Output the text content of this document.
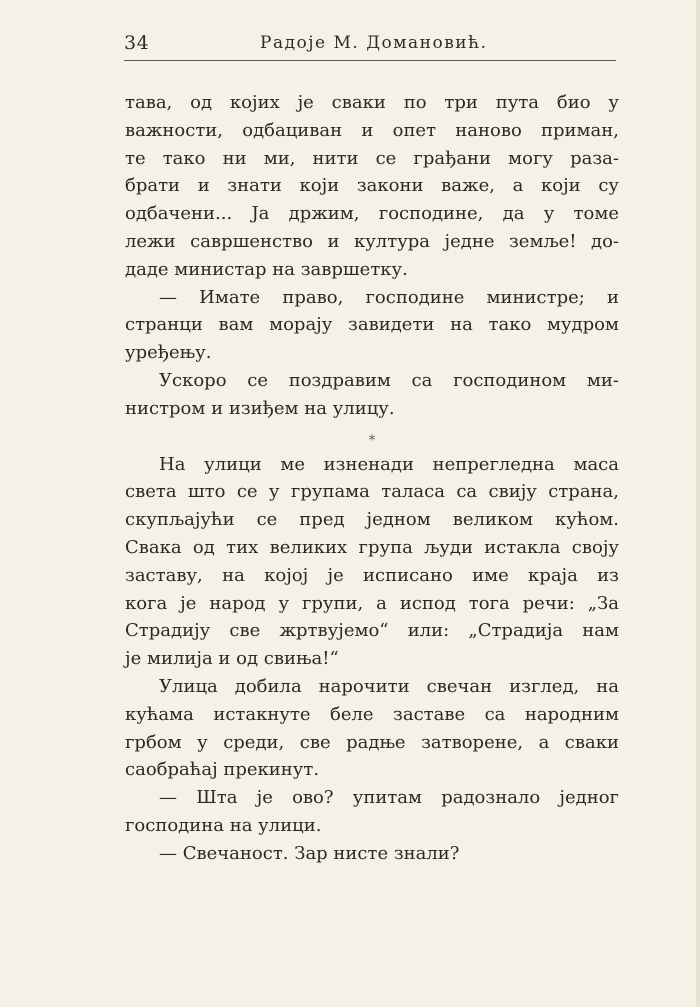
34	Радоје М. Домановић.
тава, од којих је сваки по три пута био у
важности, одбациван и опет наново приман,
те тако ни ми, нити се грађани могу раза-
брати и знати који закони важе, а који су
одбачени... Ја држим, господине, да у томе
лежи савршенство и култура једне земље! до-
даде министар на завршетку.
— Имате право, господине министре; и
странци вам морају завидети на тако мудром
уређењу.
Ускоро се поздравим са господином ми-
нистром и изиђем на улицу.
⁎
На улици ме изненади непрегледна маса
света што се у групама таласа са свију страна,
скупљајући се пред једном великом кућом.
Свака од тих великих група људи истакла своју
заставу, на којој је исписано име краја из
кога је народ у групи, а испод тога речи: „За
Страдију све жртвујемо“ или: „Страдија нам
је милија и од свиња!“
Улица добила нарочити свечан изглед, на
кућама истакнуте беле заставе са народним
грбом у среди, све радње затворене, а сваки
саобраћај прекинут.
— Шта је ово? упитам радознало једног
господина на улици.
— Свечаност. Зар нисте знали?
